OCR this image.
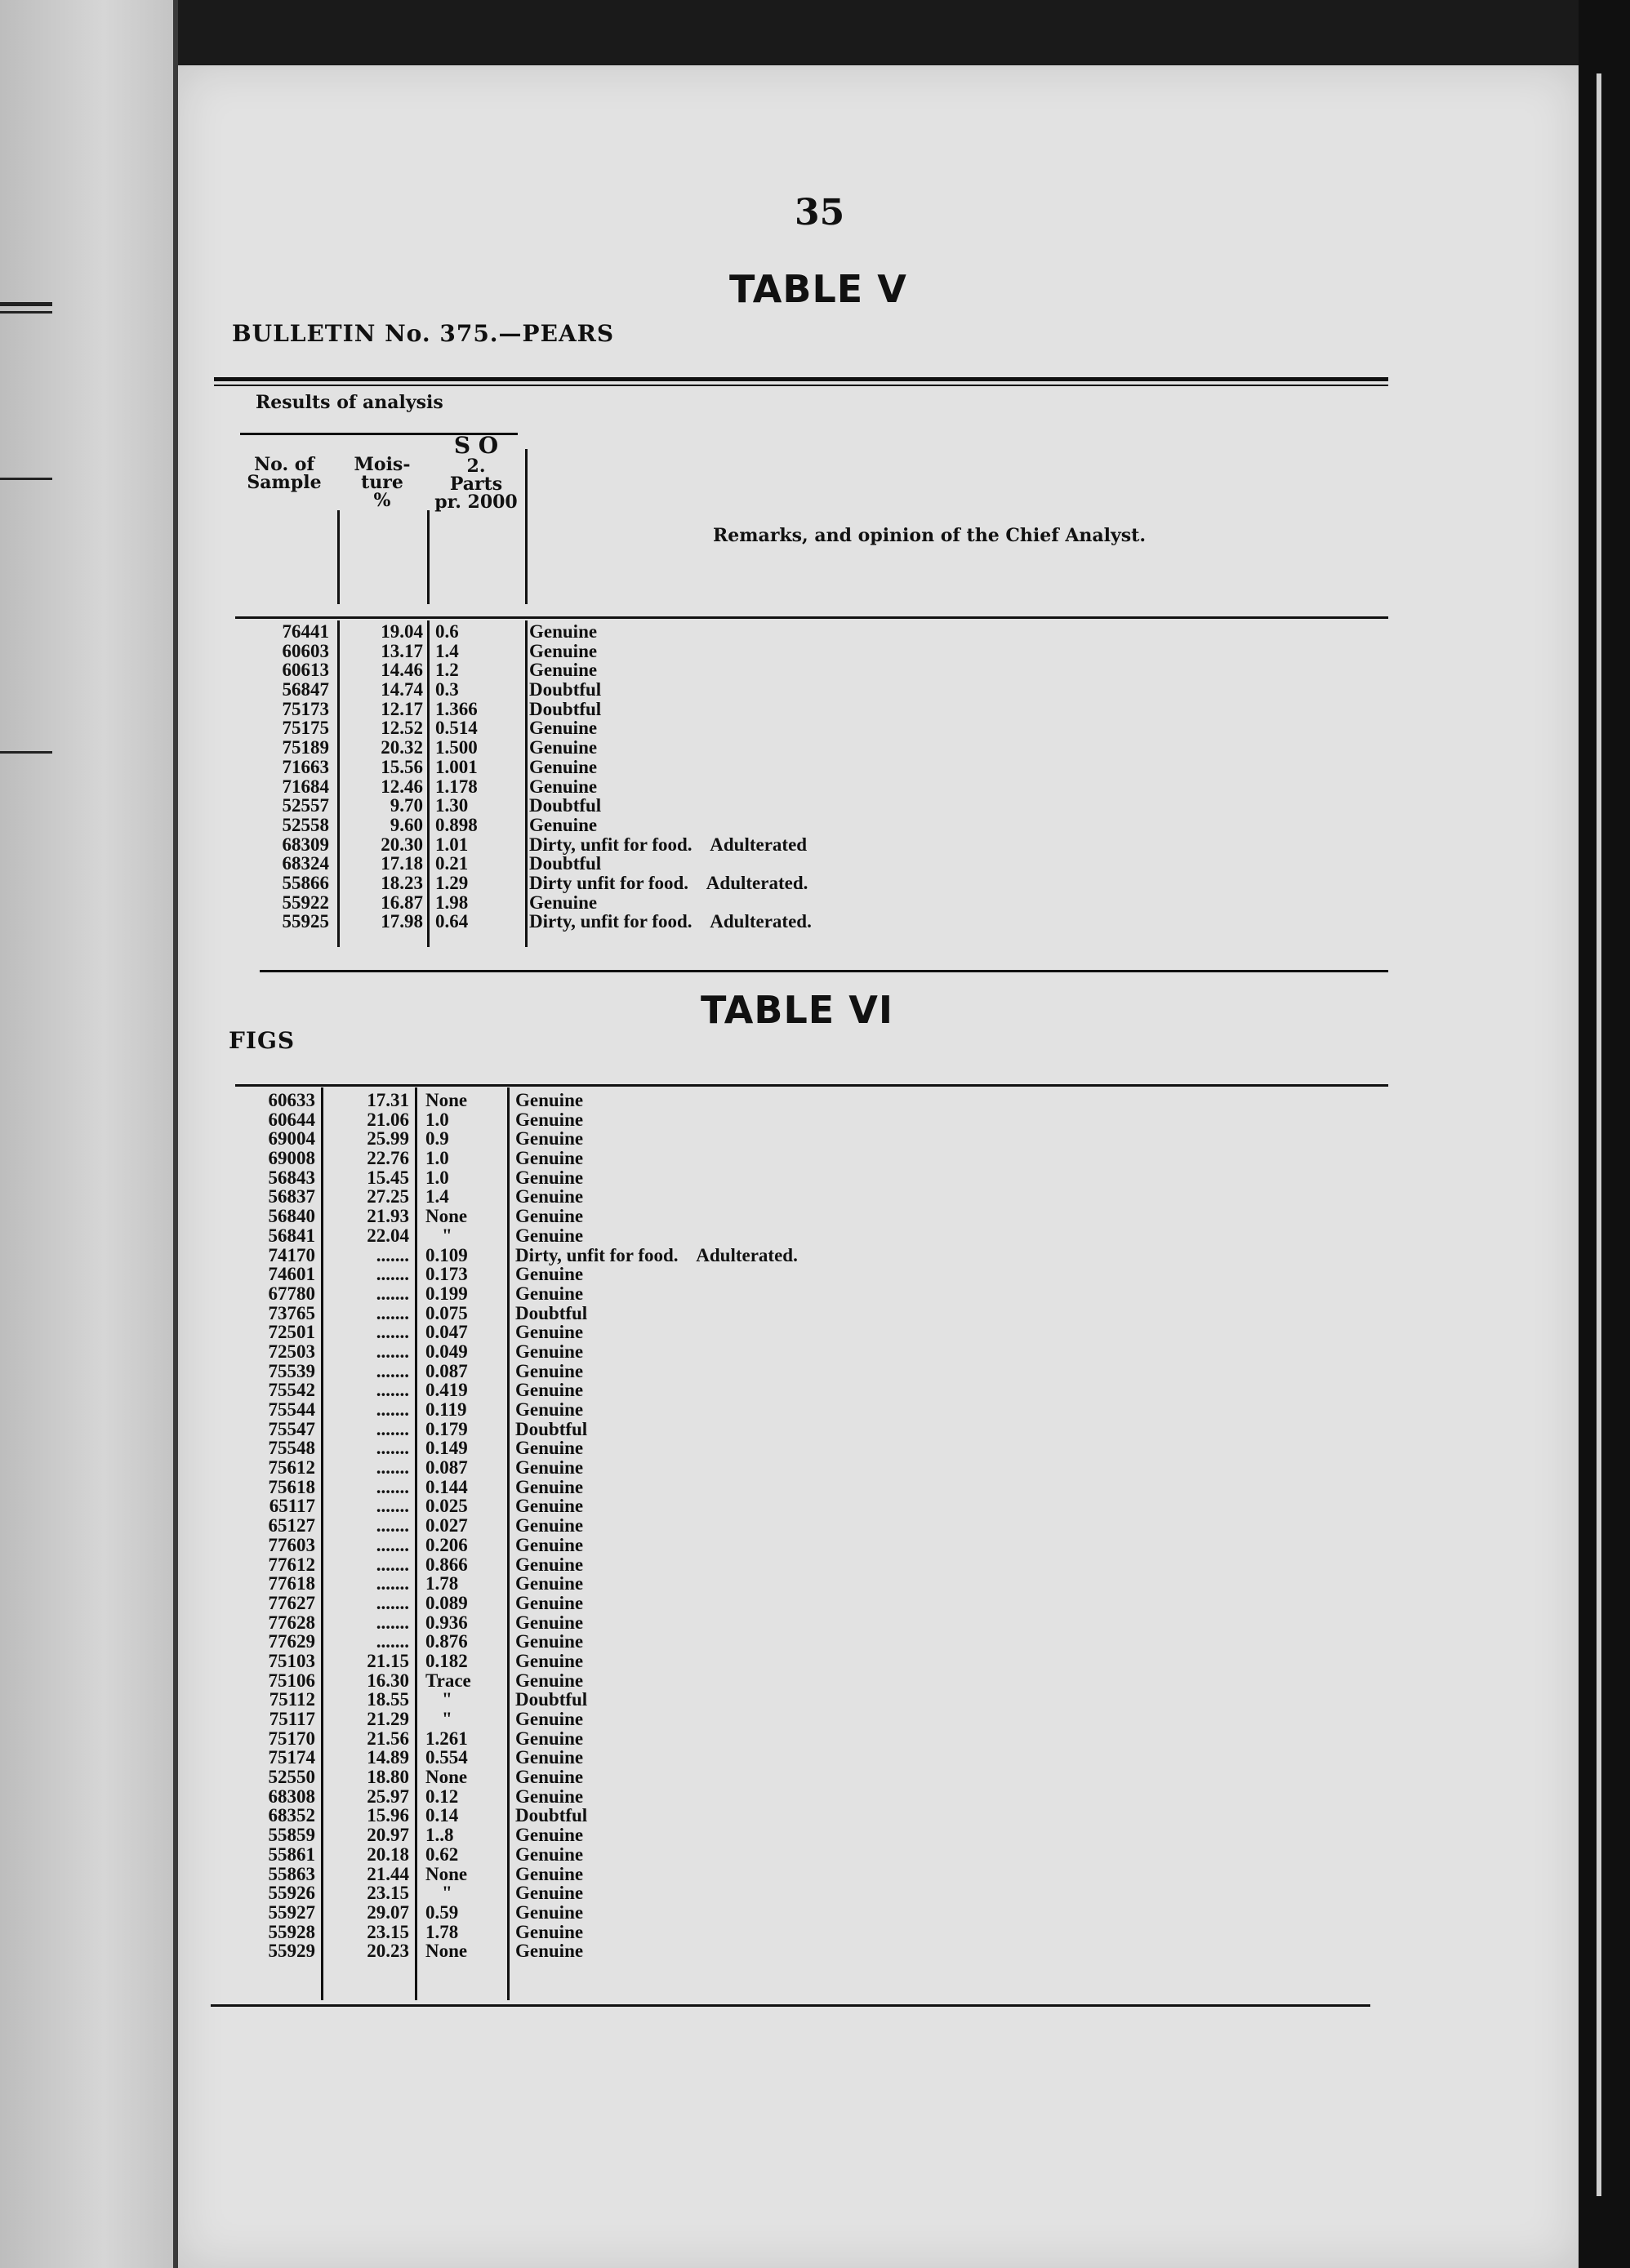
35
TABLE V
BULLETIN No. 375.—PEARS
Results of analysis
No. of
Sample
Mois-
ture
%
S O
2.
Parts
pr. 2000
Remarks, and opinion of the Chief Analyst.
76441	19.04 0.6	Genuine
60603	13.17 1.4	Genuine
60613	14.46 1.2	Genuine
56847	14.74 0.3	Doubtful
75173	12.17 1.366	Doubtful
75175	12.52 0.514	Genuine
75189	20.32 1.500	Genuine
71663	15.56 1.001	Genuine
71684	12.46 1.178	Genuine
52557	9.70 1.30	Doubtful
52558	9.60 0.898	Genuine
68309	20.30 1.01	Dirty, unfit for food.    Adulterated
68324	17.18 0.21	Doubtful
55866	18.23 1.29	Dirty unfit for food.    Adulterated.
55922	16.87 1.98	Genuine
55925	17.98 0.64	Dirty, unfit for food.    Adulterated.
TABLE VI
FIGS
60633	17.31 None	Genuine
60644	21.06 1.0	Genuine
69004	25.99 0.9	Genuine
69008	22.76 1.0	Genuine
56843	15.45 1.0	Genuine
56837	27.25 1.4	Genuine
56840	21.93 None	Genuine
56841	22.04 "	Genuine
74170	....... 0.109	Dirty, unfit for food.    Adulterated.
74601	....... 0.173	Genuine
67780	....... 0.199	Genuine
73765	....... 0.075	Doubtful
72501	....... 0.047	Genuine
72503	....... 0.049	Genuine
75539	....... 0.087	Genuine
75542	....... 0.419	Genuine
75544	....... 0.119	Genuine
75547	....... 0.179	Doubtful
75548	....... 0.149	Genuine
75612	....... 0.087	Genuine
75618	....... 0.144	Genuine
65117	....... 0.025	Genuine
65127	....... 0.027	Genuine
77603	....... 0.206	Genuine
77612	....... 0.866	Genuine
77618	....... 1.78	Genuine
77627	....... 0.089	Genuine
77628	....... 0.936	Genuine
77629	....... 0.876	Genuine
75103	21.15 0.182	Genuine
75106	16.30 Trace	Genuine
75112	18.55 "	Doubtful
75117	21.29 "	Genuine
75170	21.56 1.261	Genuine
75174	14.89 0.554	Genuine
52550	18.80 None	Genuine
68308	25.97 0.12	Genuine
68352	15.96 0.14	Doubtful
55859	20.97 1..8	Genuine
55861	20.18 0.62	Genuine
55863	21.44 None	Genuine
55926	23.15 "	Genuine
55927	29.07 0.59	Genuine
55928	23.15 1.78	Genuine
55929	20.23 None	Genuine
